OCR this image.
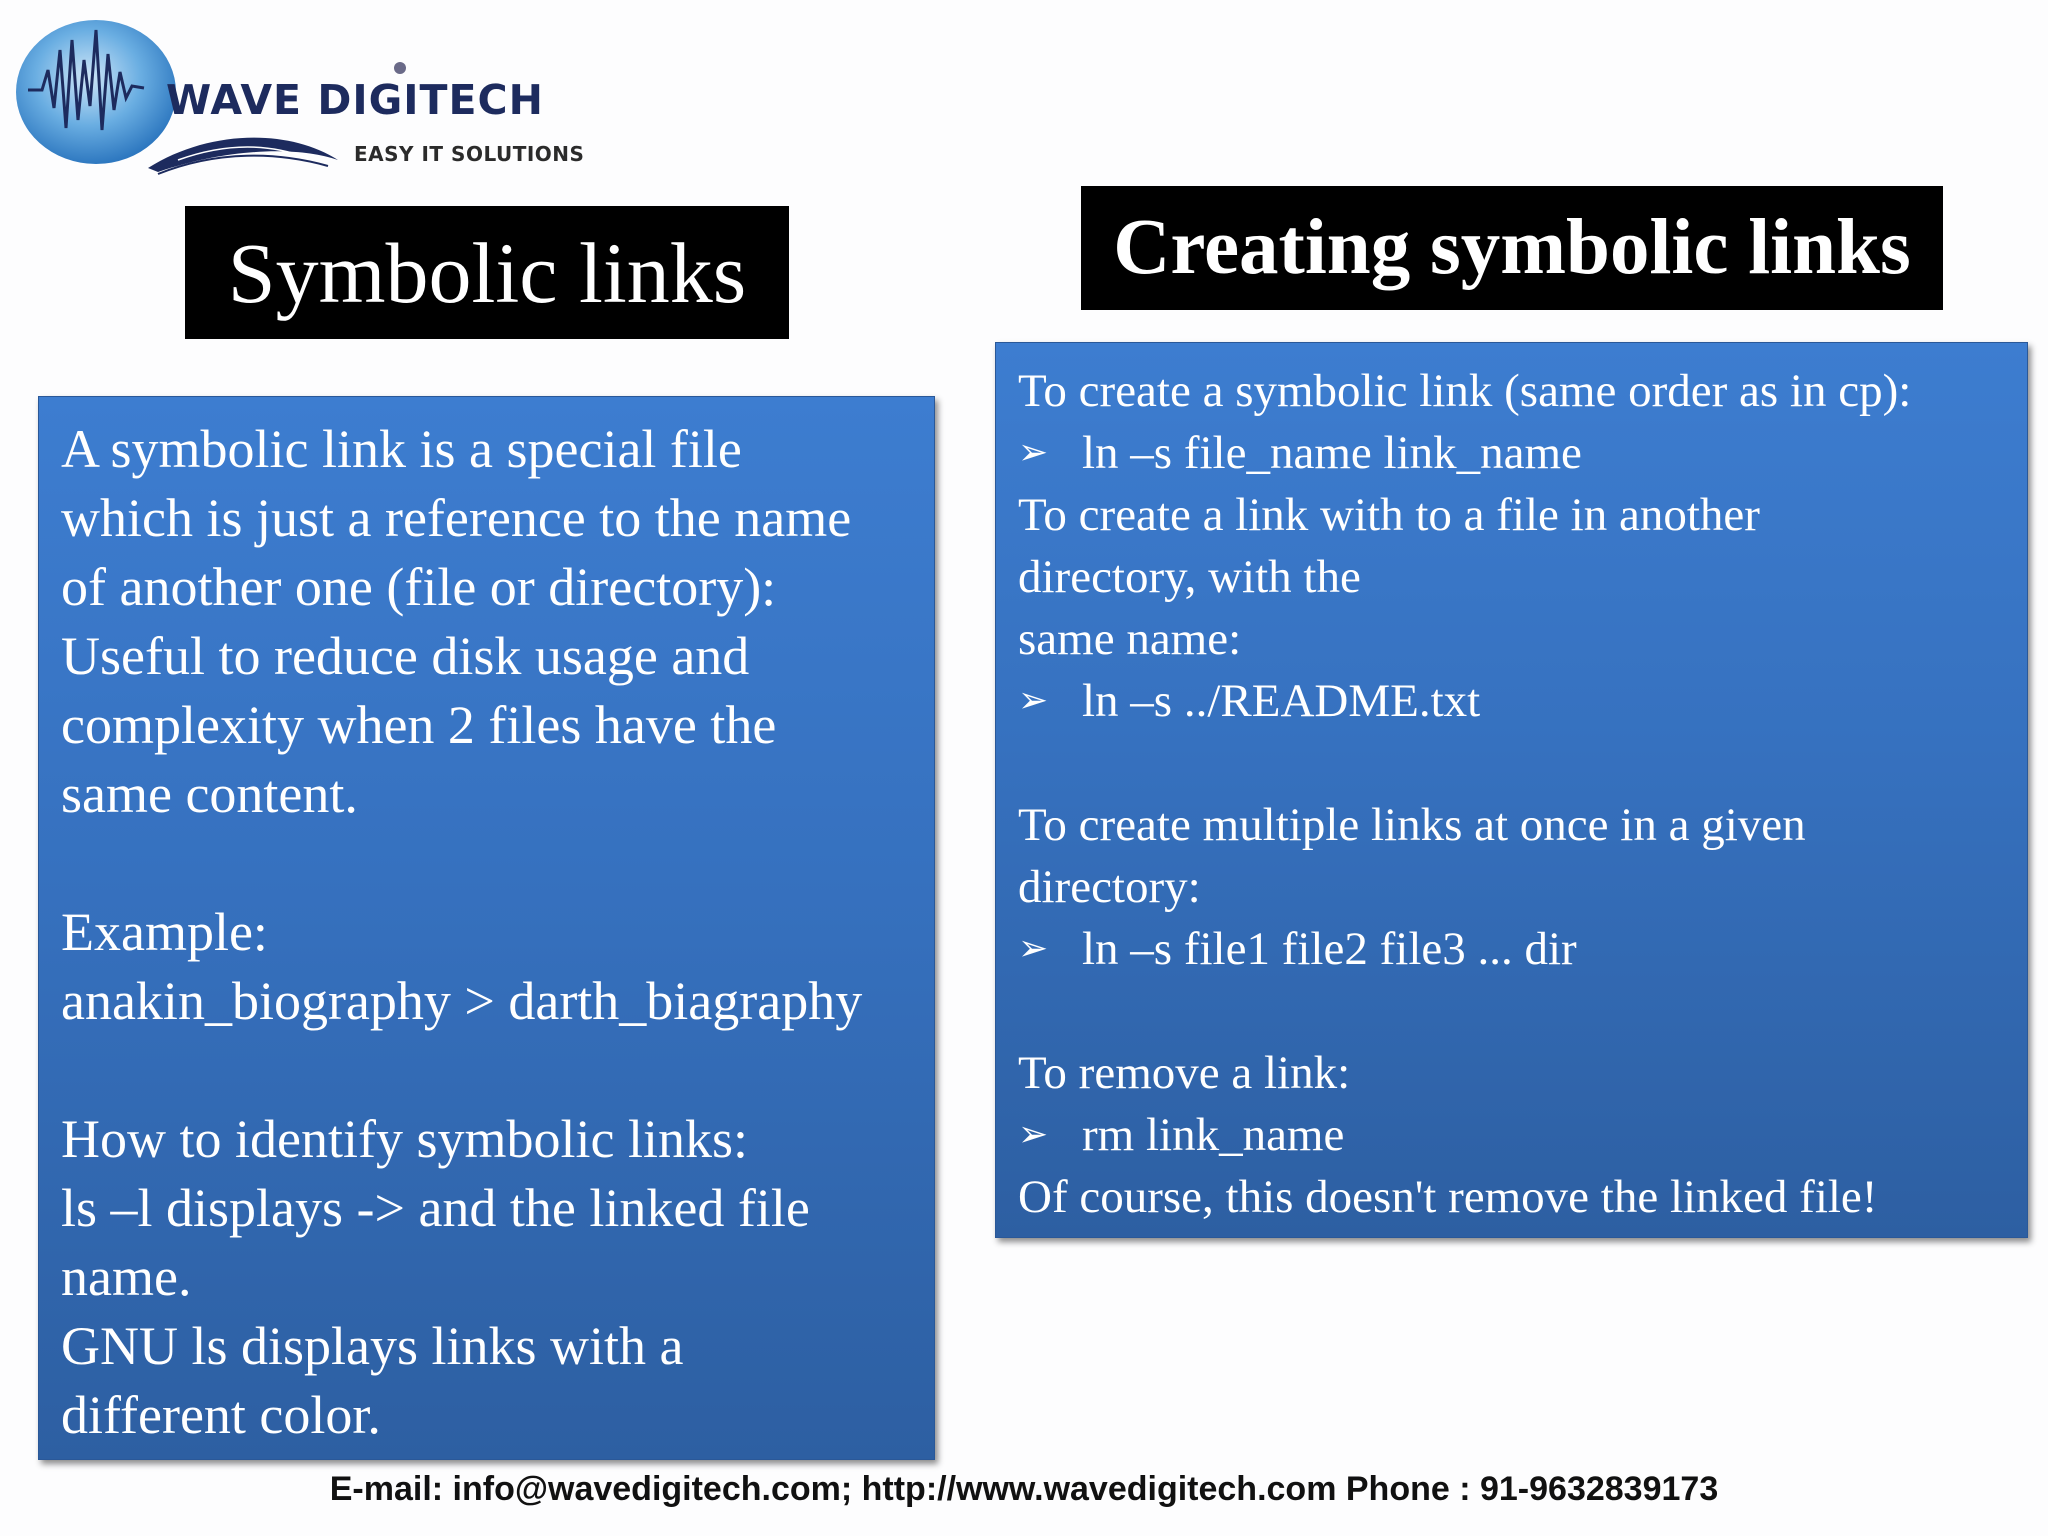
WAVE DIGITECH
EASY IT SOLUTIONS
Symbolic links	Creating symbolic links
A symbolic link is a special file
which is just a reference to the name
of another one (file or directory):
Useful to reduce disk usage and
complexity when 2 files have the
same content.
Example:
anakin_biography > darth_biagraphy
How to identify symbolic links:
ls –l displays -> and the linked file
name.
GNU ls displays links with a
different color.
To create a symbolic link (same order as in cp):
➢ ln –s file_name link_name
To create a link with to a file in another
directory, with the
same name:
➢ ln –s ../README.txt
To create multiple links at once in a given
directory:
➢ ln –s file1 file2 file3 ... dir
To remove a link:
➢ rm link_name
Of course, this doesn't remove the linked file!
E-mail: info@wavedigitech.com; http://www.wavedigitech.com Phone : 91-9632839173
